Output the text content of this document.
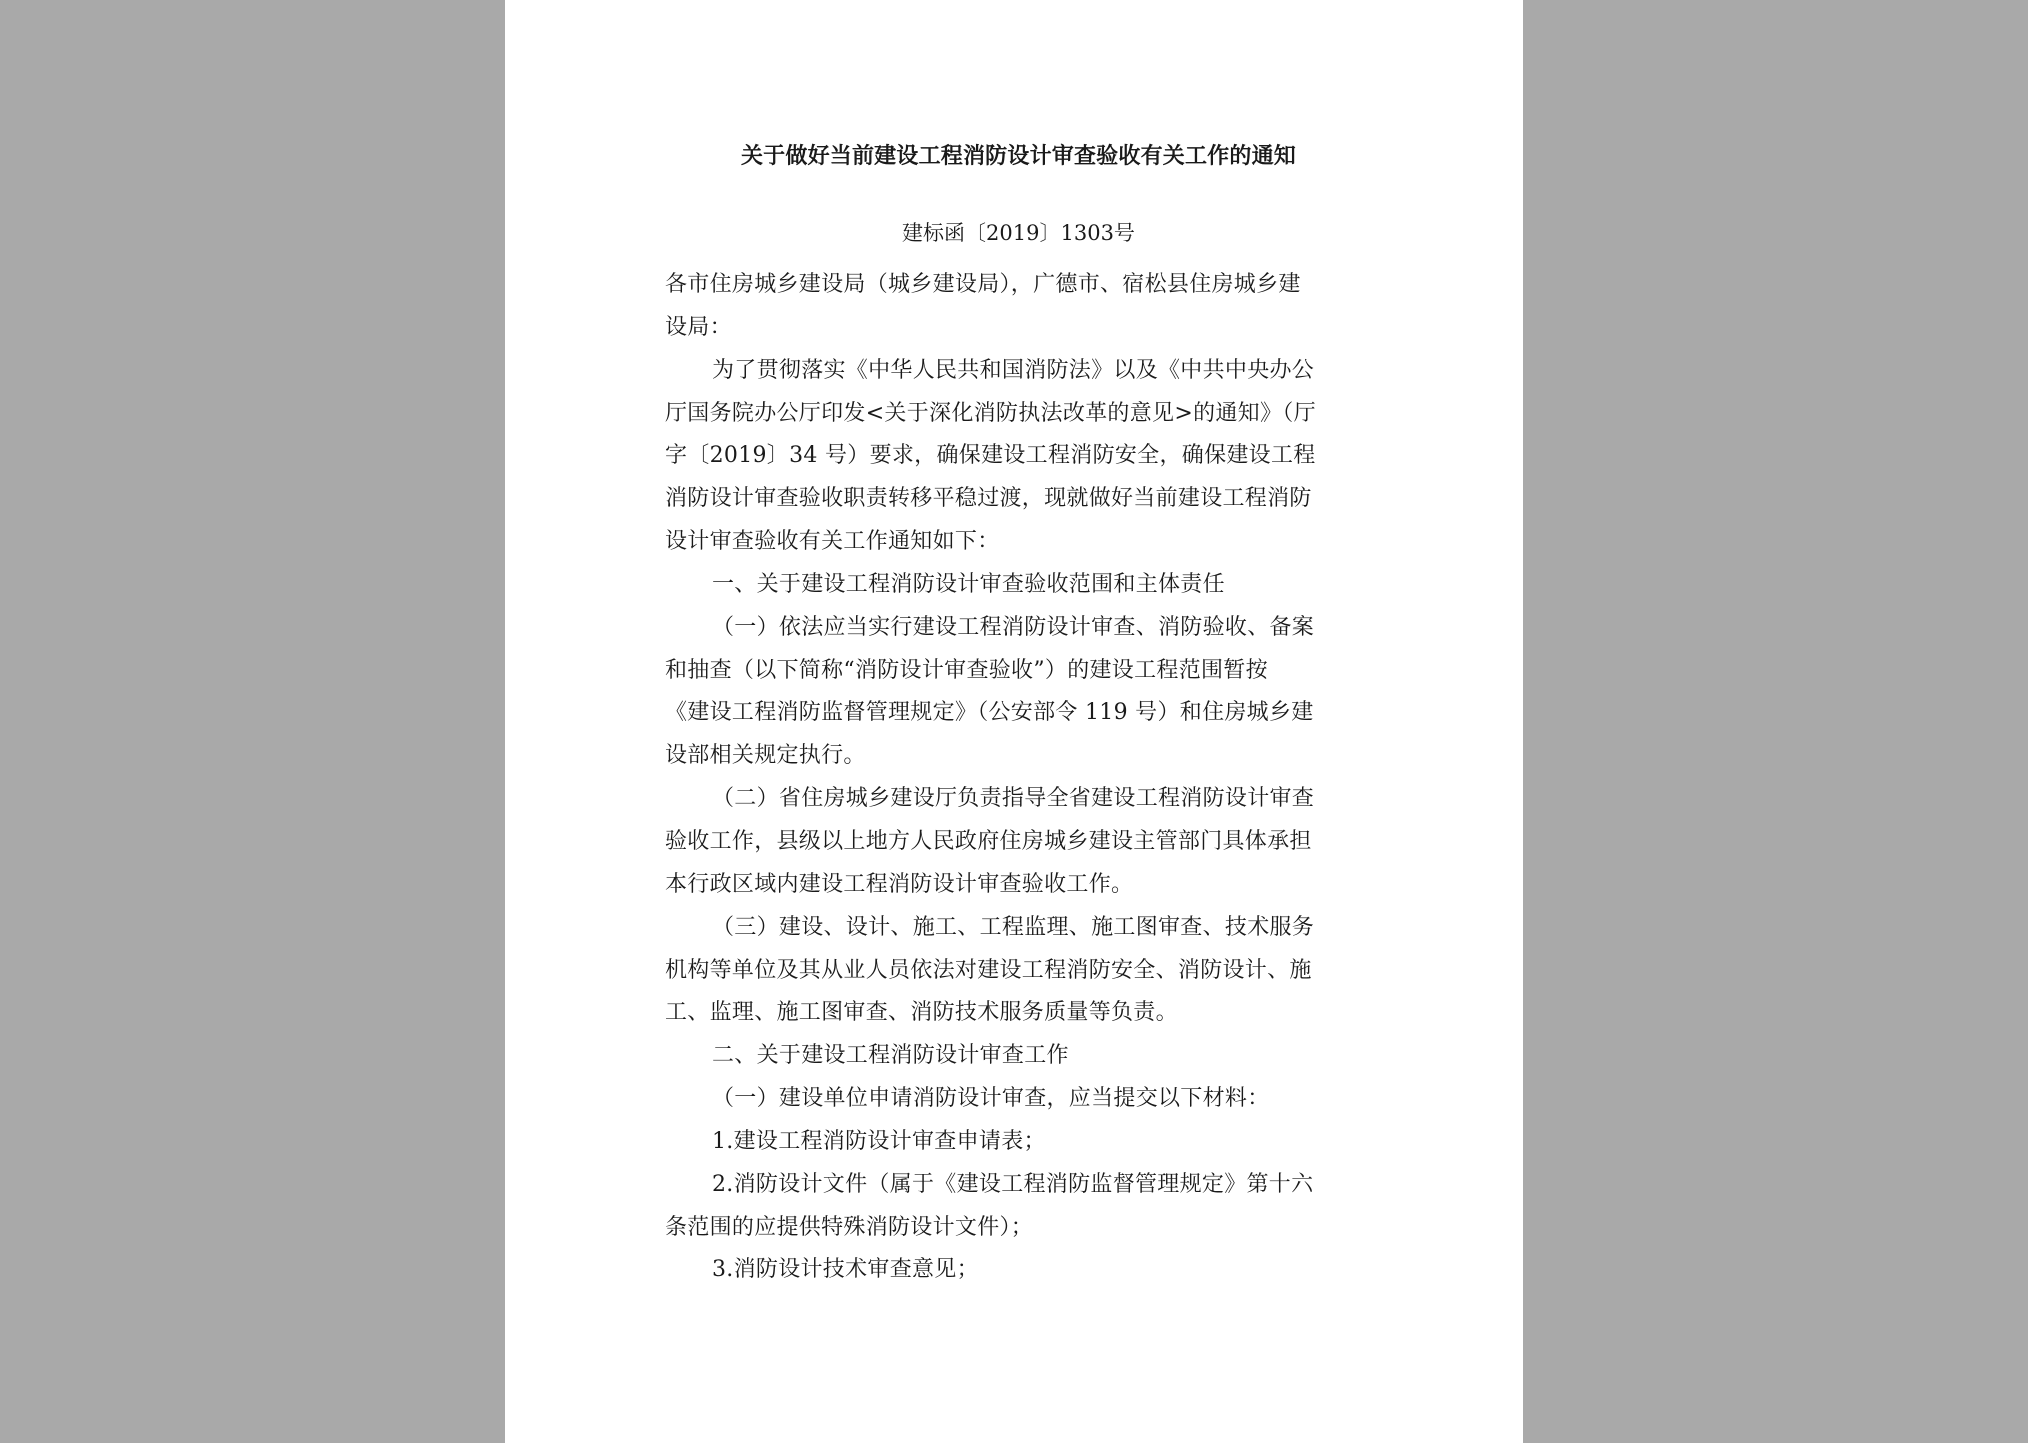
关于做好当前建设工程消防设计审查验收有关工作的通知
建标函〔2019〕1303号
各市住房城乡建设局（城乡建设局），广德市、宿松县住房城乡建
设局：
为了贯彻落实《中华人民共和国消防法》以及《中共中央办公
厅国务院办公厅印发<关于深化消防执法改革的意见>的通知》（厅
字〔2019〕34 号）要求，确保建设工程消防安全，确保建设工程
消防设计审查验收职责转移平稳过渡，现就做好当前建设工程消防
设计审查验收有关工作通知如下：
一、关于建设工程消防设计审查验收范围和主体责任
（一）依法应当实行建设工程消防设计审查、消防验收、备案
和抽查（以下简称“消防设计审查验收”）的建设工程范围暂按
《建设工程消防监督管理规定》（公安部令 119 号）和住房城乡建
设部相关规定执行。
（二）省住房城乡建设厅负责指导全省建设工程消防设计审查
验收工作，县级以上地方人民政府住房城乡建设主管部门具体承担
本行政区域内建设工程消防设计审查验收工作。
（三）建设、设计、施工、工程监理、施工图审查、技术服务
机构等单位及其从业人员依法对建设工程消防安全、消防设计、施
工、监理、施工图审查、消防技术服务质量等负责。
二、关于建设工程消防设计审查工作
（一）建设单位申请消防设计审查，应当提交以下材料：
1.建设工程消防设计审查申请表；
2.消防设计文件（属于《建设工程消防监督管理规定》第十六
条范围的应提供特殊消防设计文件）；
3.消防设计技术审查意见；
